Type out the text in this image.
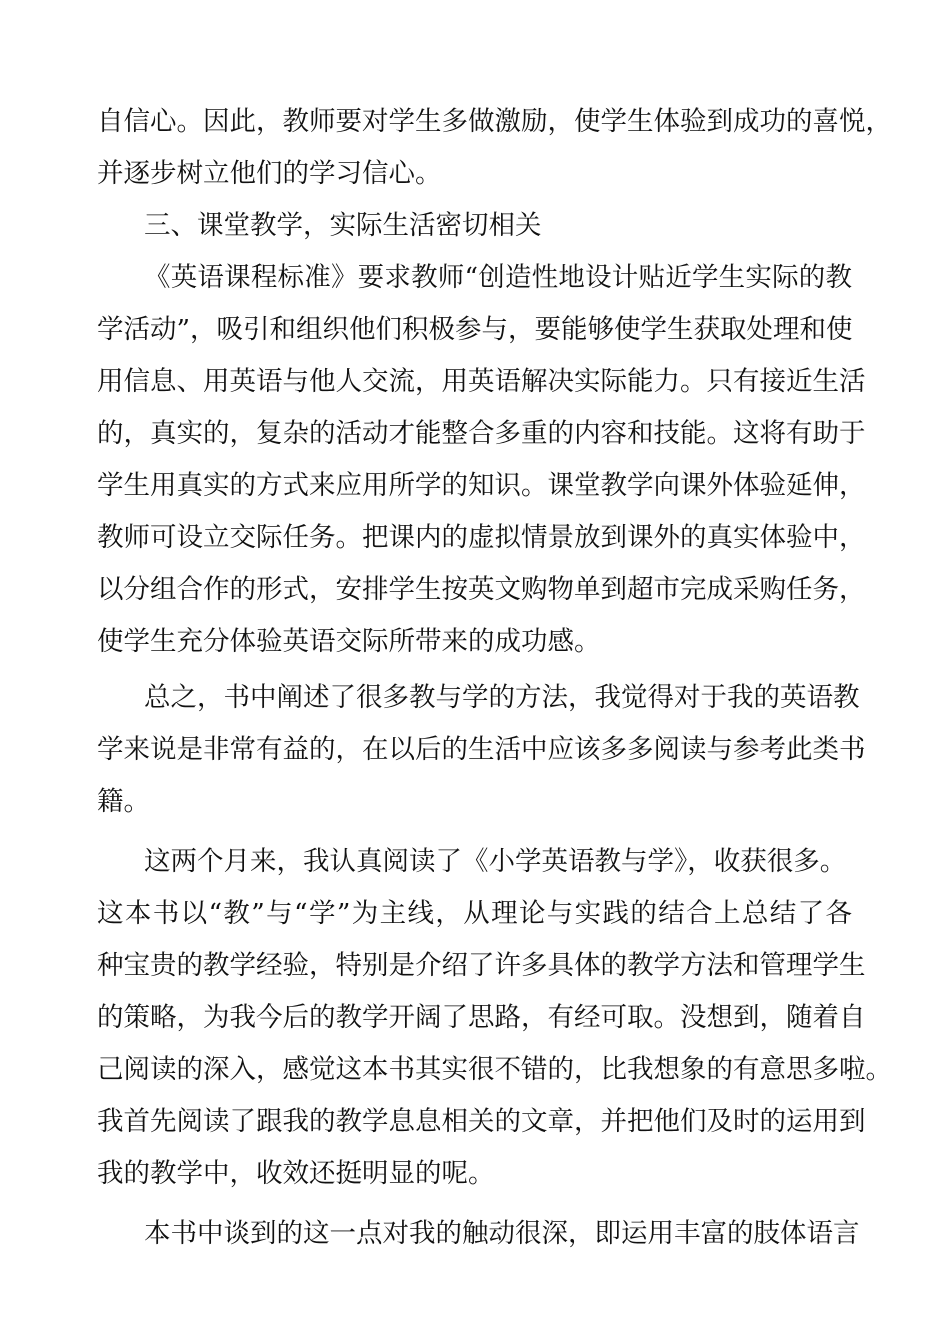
自信心。因此，教师要对学生多做激励，使学生体验到成功的喜悦，
并逐步树立他们的学习信心。
三、课堂教学，实际生活密切相关
《英语课程标准》要求教师“创造性地设计贴近学生实际的教
学活动”，吸引和组织他们积极参与，要能够使学生获取处理和使
用信息、用英语与他人交流，用英语解决实际能力。只有接近生活
的，真实的，复杂的活动才能整合多重的内容和技能。这将有助于
学生用真实的方式来应用所学的知识。课堂教学向课外体验延伸，
教师可设立交际任务。把课内的虚拟情景放到课外的真实体验中，
以分组合作的形式，安排学生按英文购物单到超市完成采购任务，
使学生充分体验英语交际所带来的成功感。
总之，书中阐述了很多教与学的方法，我觉得对于我的英语教
学来说是非常有益的，在以后的生活中应该多多阅读与参考此类书
籍。
这两个月来，我认真阅读了《小学英语教与学》，收获很多。
这本书以“教”与“学”为主线，从理论与实践的结合上总结了各
种宝贵的教学经验，特别是介绍了许多具体的教学方法和管理学生
的策略，为我今后的教学开阔了思路，有经可取。没想到，随着自
己阅读的深入，感觉这本书其实很不错的，比我想象的有意思多啦。
我首先阅读了跟我的教学息息相关的文章，并把他们及时的运用到
我的教学中，收效还挺明显的呢。
本书中谈到的这一点对我的触动很深，即运用丰富的肢体语言
